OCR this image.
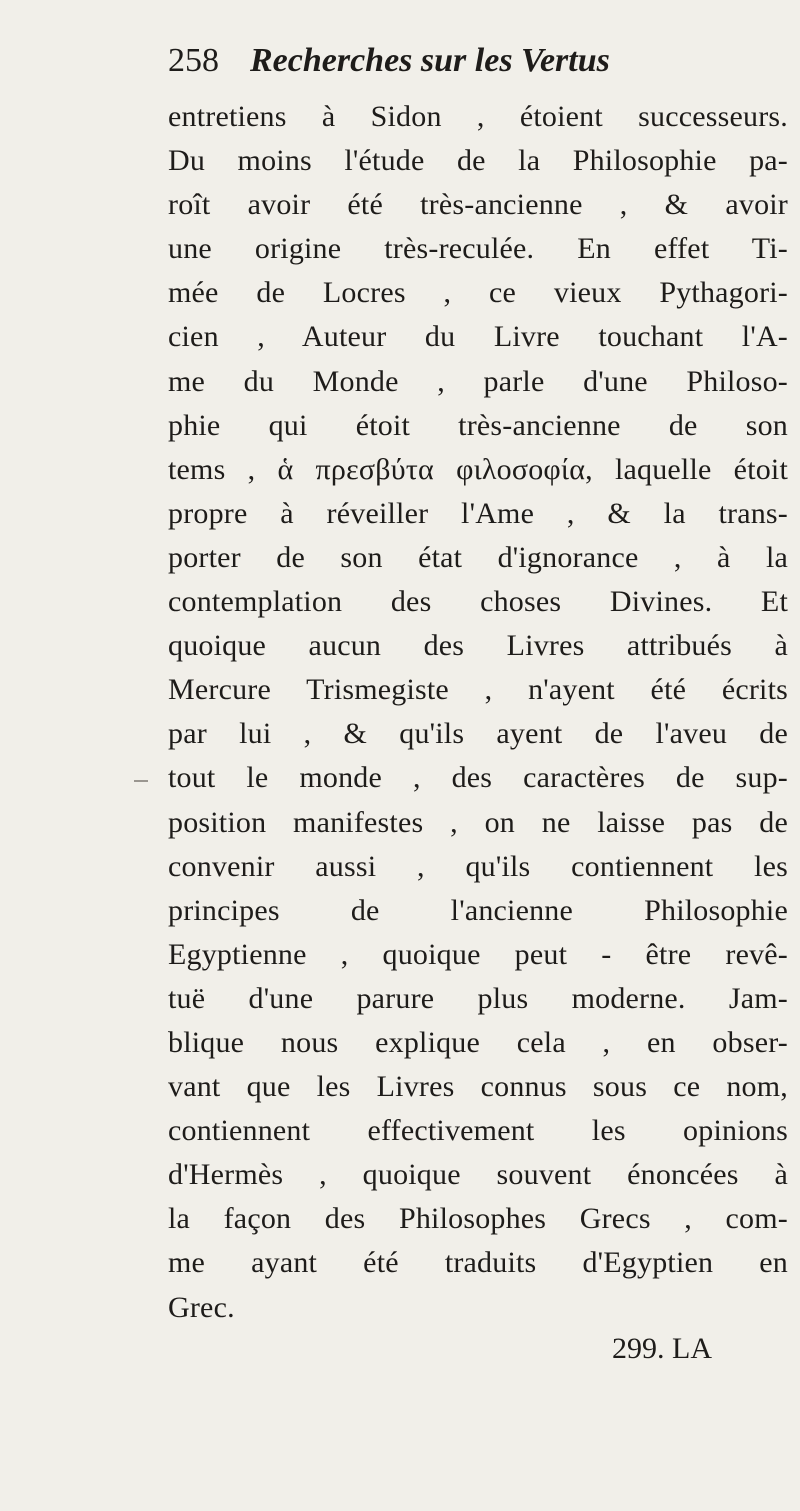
258 Recherches sur les Vertus
entretiens à Sidon , étoient successeurs.
Du moins l'étude de la Philosophie pa-
roît avoir été très-ancienne , & avoir
une origine très-reculée. En effet Ti-
mée de Locres , ce vieux Pythagori-
cien , Auteur du Livre touchant l'A-
me du Monde , parle d'une Philoso-
phie qui étoit très-ancienne de son
tems , ἁ πρεσβύτα φιλοσοφία, laquelle étoit
propre à réveiller l'Ame , & la trans-
porter de son état d'ignorance , à la
contemplation des choses Divines. Et
quoique aucun des Livres attribués à
Mercure Trismegiste , n'ayent été écrits
par lui , & qu'ils ayent de l'aveu de
tout le monde , des caractères de sup-
position manifestes , on ne laisse pas de
convenir aussi , qu'ils contiennent les
principes de l'ancienne Philosophie
Egyptienne , quoique peut - être revê-
tuë d'une parure plus moderne. Jam-
blique nous explique cela , en obser-
vant que les Livres connus sous ce nom,
contiennent effectivement les opinions
d'Hermès , quoique souvent énoncées à
la façon des Philosophes Grecs , com-
me ayant été traduits d'Egyptien en
Grec.
299. LA
